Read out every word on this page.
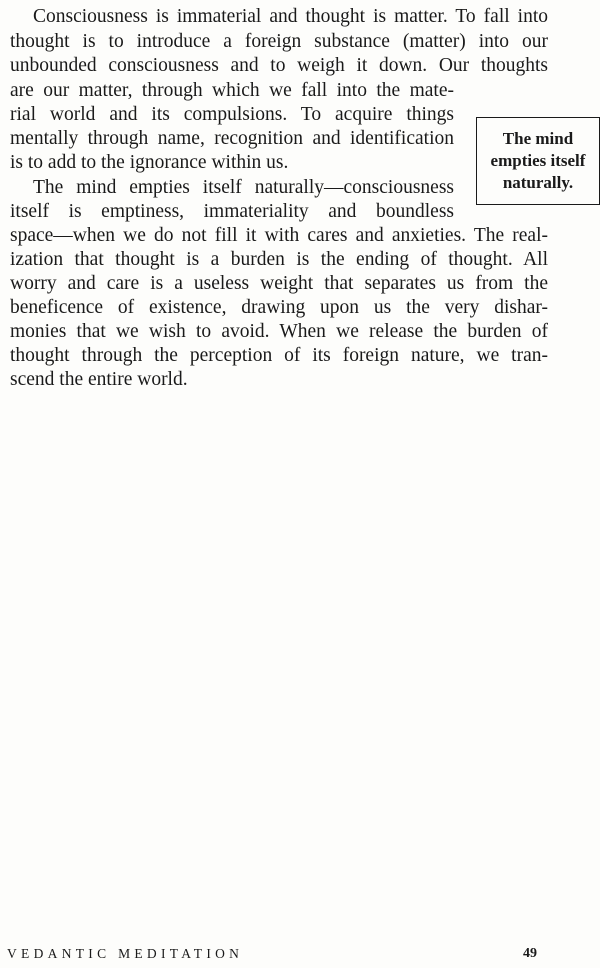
Consciousness is immaterial and thought is matter. To fall into
thought is to introduce a foreign substance (matter) into our
unbounded consciousness and to weigh it down. Our thoughts
are our matter, through which we fall into the mate-
rial world and its compulsions. To acquire things
mentally through name, recognition and identification
is to add to the ignorance within us.
The mind empties itself naturally—consciousness
itself is emptiness, immateriality and boundless
space—when we do not fill it with cares and anxieties. The real-
ization that thought is a burden is the ending of thought. All
worry and care is a useless weight that separates us from the
beneficence of existence, drawing upon us the very dishar-
monies that we wish to avoid. When we release the burden of
thought through the perception of its foreign nature, we tran-
scend the entire world.
The mind empties itself naturally.
VEDANTIC MEDITATION	49
